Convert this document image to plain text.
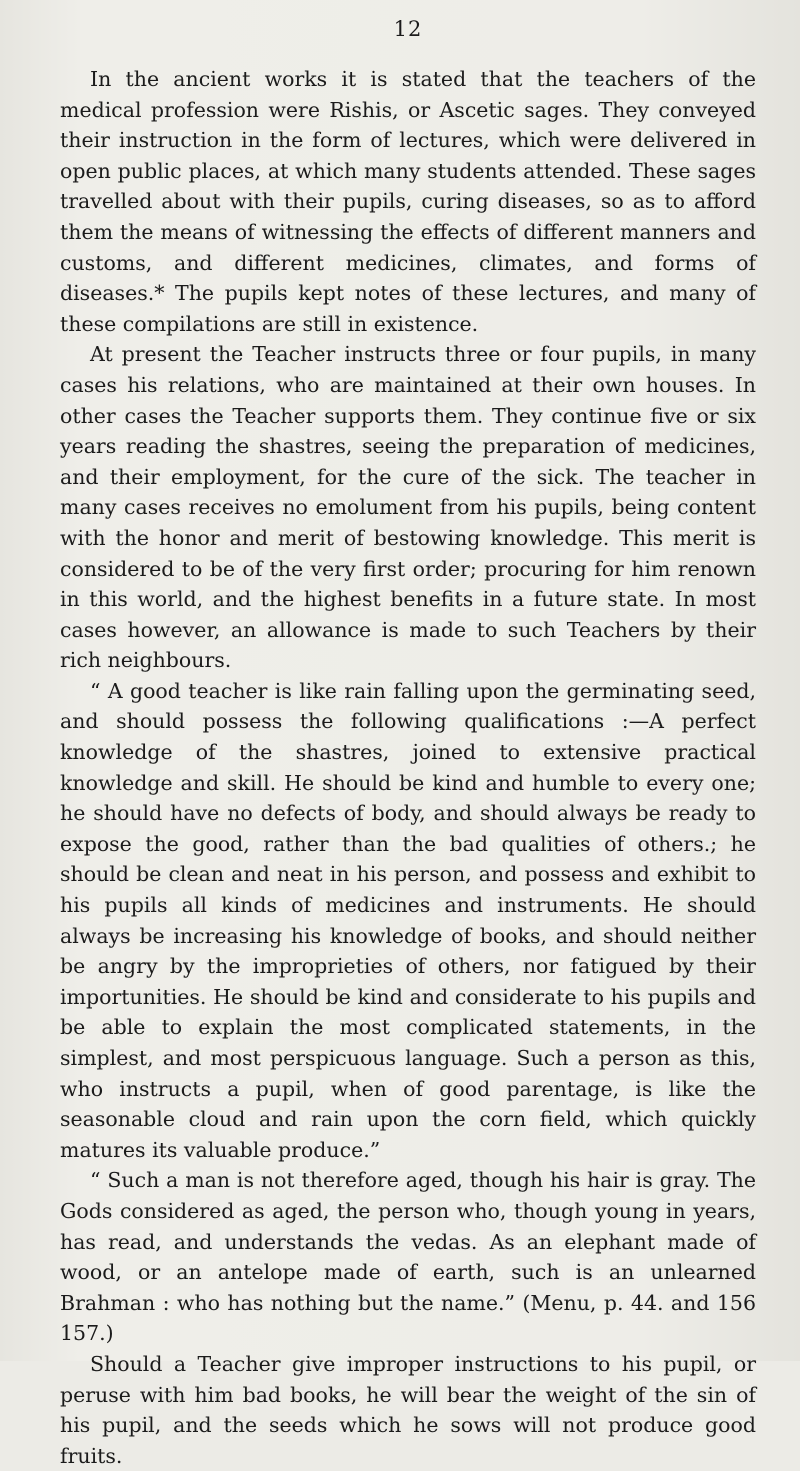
12

In the ancient works it is stated that the teachers of the medical profession were Rishis, or Ascetic sages. They conveyed their instruction in the form of lectures, which were delivered in open public places, at which many students attended. These sages travelled about with their pupils, curing diseases, so as to afford them the means of witnessing the effects of different manners and customs, and different medicines, climates, and forms of diseases.* The pupils kept notes of these lectures, and many of these compilations are still in existence.

At present the Teacher instructs three or four pupils, in many cases his relations, who are maintained at their own houses. In other cases the Teacher supports them. They continue five or six years reading the shastres, seeing the preparation of medicines, and their employment, for the cure of the sick. The teacher in many cases receives no emolument from his pupils, being content with the honor and merit of bestowing knowledge. This merit is considered to be of the very first order; procuring for him renown in this world, and the highest benefits in a future state. In most cases however, an allowance is made to such Teachers by their rich neighbours.

“ A good teacher is like rain falling upon the germinating seed, and should possess the following qualifications :—A perfect knowledge of the shastres, joined to extensive practical knowledge and skill. He should be kind and humble to every one; he should have no defects of body, and should always be ready to expose the good, rather than the bad qualities of others.; he should be clean and neat in his person, and possess and exhibit to his pupils all kinds of medicines and instruments. He should always be increasing his knowledge of books, and should neither be angry by the improprieties of others, nor fatigued by their importunities. He should be kind and considerate to his pupils and be able to explain the most complicated statements, in the simplest, and most perspicuous language. Such a person as this, who instructs a pupil, when of good parentage, is like the seasonable cloud and rain upon the corn field, which quickly matures its valuable produce.”

“ Such a man is not therefore aged, though his hair is gray. The Gods considered as aged, the person who, though young in years, has read, and understands the vedas. As an elephant made of wood, or an antelope made of earth, such is an unlearned Brahman : who has nothing but the name.” (Menu, p. 44. and 156 157.)

Should a Teacher give improper instructions to his pupil, or peruse with him bad books, he will bear the weight of the sin of his pupil, and the seeds which he sows will not produce good fruits.
